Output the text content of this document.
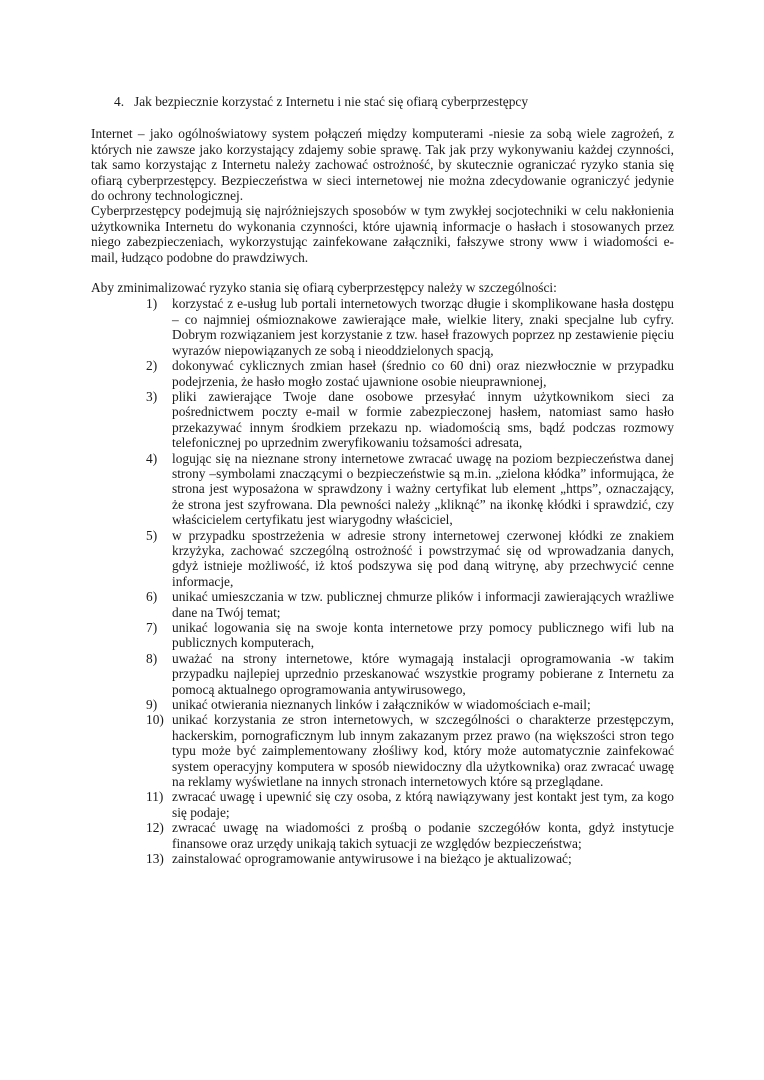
4. Jak bezpiecznie korzystać z Internetu i nie stać się ofiarą cyberprzestępcy

Internet – jako ogólnoświatowy system połączeń między komputerami -niesie za sobą wiele zagrożeń, z których nie zawsze jako korzystający zdajemy sobie sprawę. Tak jak przy wykonywaniu każdej czynności, tak samo korzystając z Internetu należy zachować ostrożność, by skutecznie ograniczać ryzyko stania się ofiarą cyberprzestępcy. Bezpieczeństwa w sieci internetowej nie można zdecydowanie ograniczyć jedynie do ochrony technologicznej.

Cyberprzestępcy podejmują się najróżniejszych sposobów w tym zwykłej socjotechniki w celu nakłonienia użytkownika Internetu do wykonania czynności, które ujawnią informacje o hasłach i stosowanych przez niego zabezpieczeniach, wykorzystując zainfekowane załączniki, fałszywe strony www i wiadomości e-mail, łudząco podobne do prawdziwych.

Aby zminimalizować ryzyko stania się ofiarą cyberprzestępcy należy w szczególności:

1) korzystać z e-usług lub portali internetowych tworząc długie i skomplikowane hasła dostępu – co najmniej ośmioznakowe zawierające małe, wielkie litery, znaki specjalne lub cyfry. Dobrym rozwiązaniem jest korzystanie z tzw. haseł frazowych poprzez np zestawienie pięciu wyrazów niepowiązanych ze sobą i nieoddzielonych spacją,
2) dokonywać cyklicznych zmian haseł (średnio co 60 dni) oraz niezwłocznie w przypadku podejrzenia, że hasło mogło zostać ujawnione osobie nieuprawnionej,
3) pliki zawierające Twoje dane osobowe przesyłać innym użytkownikom sieci za pośrednictwem poczty e-mail w formie zabezpieczonej hasłem, natomiast samo hasło przekazywać innym środkiem przekazu np. wiadomością sms, bądź podczas rozmowy telefonicznej po uprzednim zweryfikowaniu tożsamości adresata,
4) logując się na nieznane strony internetowe zwracać uwagę na poziom bezpieczeństwa danej strony –symbolami znaczącymi o bezpieczeństwie są m.in. „zielona kłódka” informująca, że strona jest wyposażona w sprawdzony i ważny certyfikat lub element „https”, oznaczający, że strona jest szyfrowana. Dla pewności należy „kliknąć” na ikonkę kłódki i sprawdzić, czy właścicielem certyfikatu jest wiarygodny właściciel,
5) w przypadku spostrzeżenia w adresie strony internetowej czerwonej kłódki ze znakiem krzyżyka, zachować szczególną ostrożność i powstrzymać się od wprowadzania danych, gdyż istnieje możliwość, iż ktoś podszywa się pod daną witrynę, aby przechwycić cenne informacje,
6) unikać umieszczania w tzw. publicznej chmurze plików i informacji zawierających wrażliwe dane na Twój temat;
7) unikać logowania się na swoje konta internetowe przy pomocy publicznego wifi lub na publicznych komputerach,
8) uważać na strony internetowe, które wymagają instalacji oprogramowania -w takim przypadku najlepiej uprzednio przeskanować wszystkie programy pobierane z Internetu za pomocą aktualnego oprogramowania antywirusowego,
9) unikać otwierania nieznanych linków i załączników w wiadomościach e-mail;
10) unikać korzystania ze stron internetowych, w szczególności o charakterze przestępczym, hackerskim, pornograficznym lub innym zakazanym przez prawo (na większości stron tego typu może być zaimplementowany złośliwy kod, który może automatycznie zainfekować system operacyjny komputera w sposób niewidoczny dla użytkownika) oraz zwracać uwagę na reklamy wyświetlane na innych stronach internetowych które są przeglądane.
11) zwracać uwagę i upewnić się czy osoba, z którą nawiązywany jest kontakt jest tym, za kogo się podaje;
12) zwracać uwagę na wiadomości z prośbą o podanie szczegółów konta, gdyż instytucje finansowe oraz urzędy unikają takich sytuacji ze względów bezpieczeństwa;
13) zainstalować oprogramowanie antywirusowe i na bieżąco je aktualizować;
